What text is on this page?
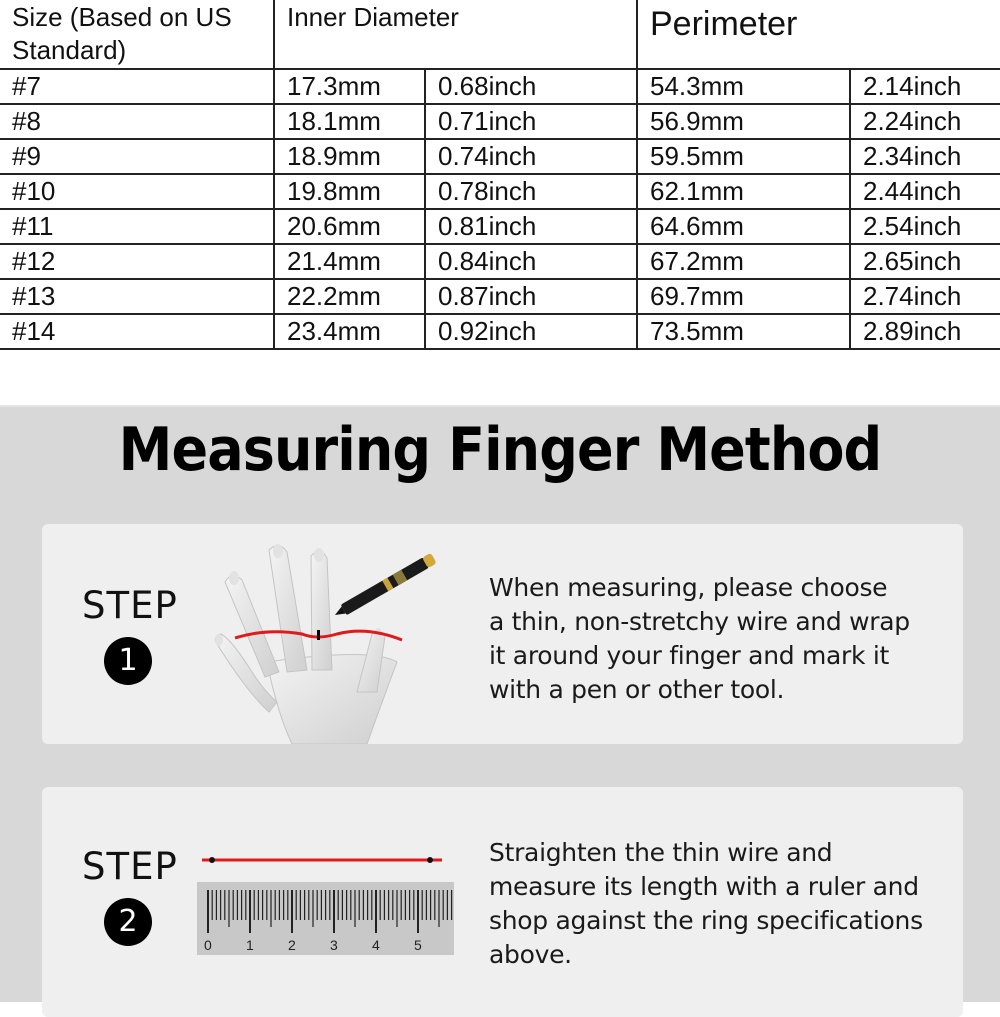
Size (Based on US Standard)	Inner Diameter		Perimeter	
#7	17.3mm	0.68inch	54.3mm	2.14inch
#8	18.1mm	0.71inch	56.9mm	2.24inch
#9	18.9mm	0.74inch	59.5mm	2.34inch
#10	19.8mm	0.78inch	62.1mm	2.44inch
#11	20.6mm	0.81inch	64.6mm	2.54inch
#12	21.4mm	0.84inch	67.2mm	2.65inch
#13	22.2mm	0.87inch	69.7mm	2.74inch
#14	23.4mm	0.92inch	73.5mm	2.89inch
Measuring Finger Method
STEP
1
When measuring, please choose
a thin, non-stretchy wire and wrap
it around your finger and mark it
with a pen or other tool.
STEP
2
0 1 2 3 4 5
Straighten the thin wire and
measure its length with a ruler and
shop against the ring specifications
above.
